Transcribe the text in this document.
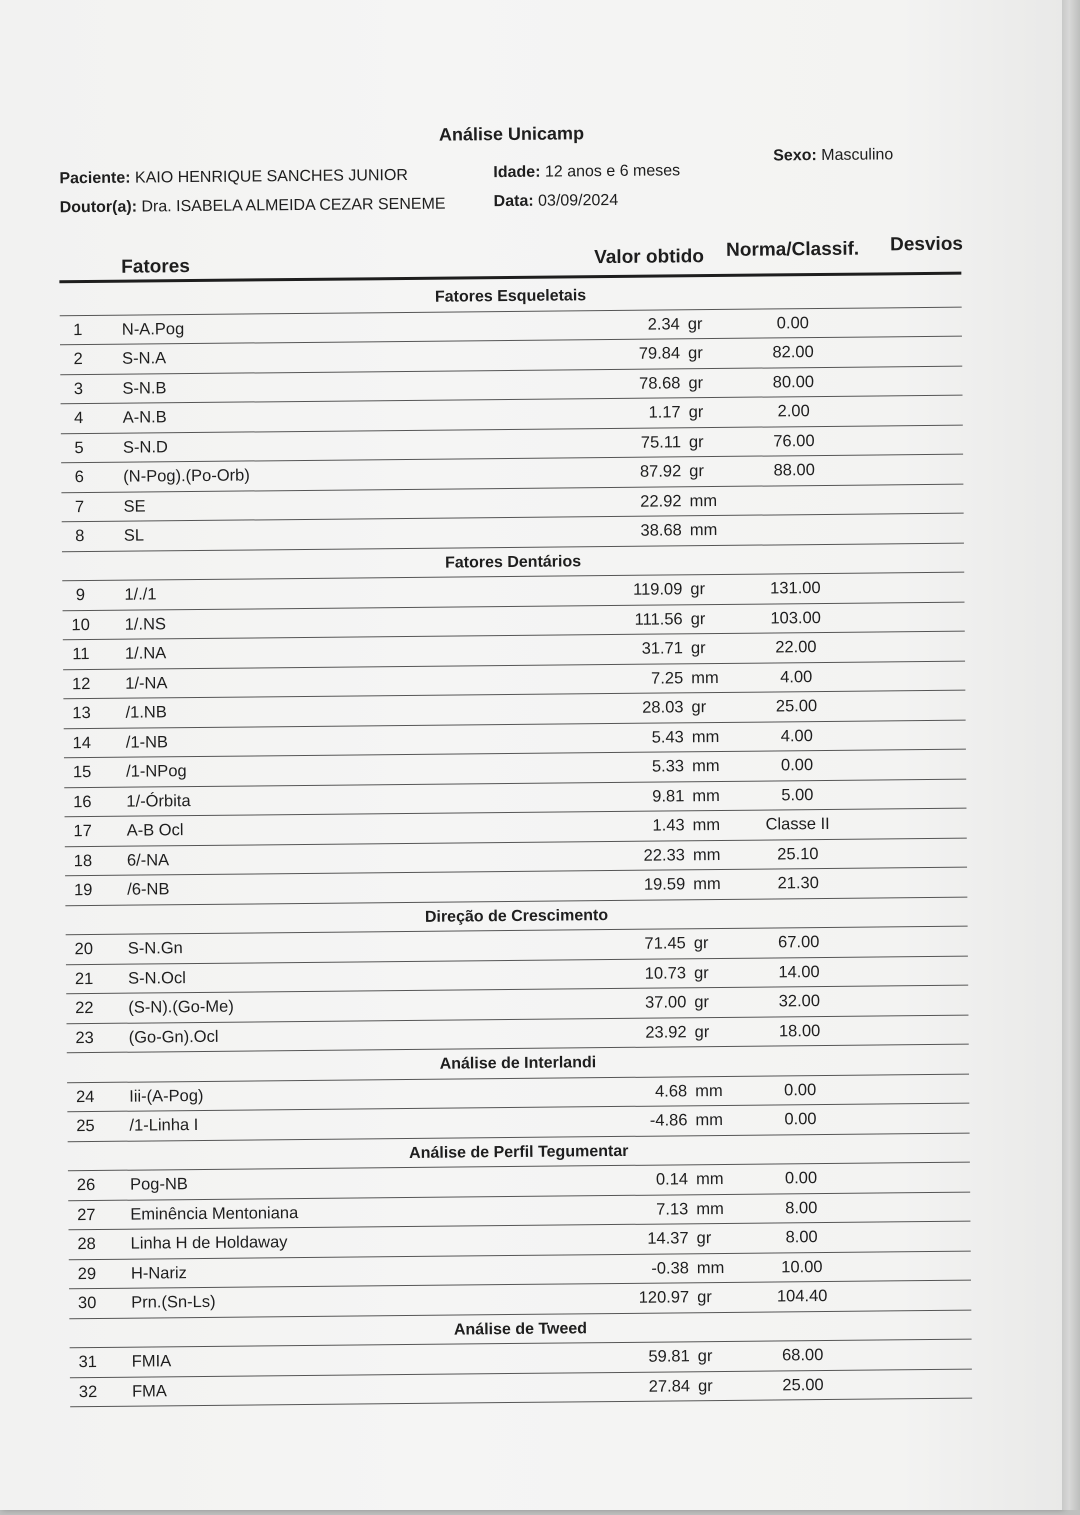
Análise Unicamp
Paciente: KAIO HENRIQUE SANCHES JUNIOR
Doutor(a): Dra. ISABELA ALMEIDA CEZAR SENEME
Idade: 12 anos e 6 meses
Data: 03/09/2024
Sexo: Masculino
Fatores	Valor obtido Norma/Classif. Desvios
Fatores Esqueletais
1	N-A.Pog	2.34 gr	0.00
2	S-N.A	79.84 gr	82.00
3	S-N.B	78.68 gr	80.00
4	A-N.B	1.17 gr	2.00
5	S-N.D	75.11 gr	76.00
6	(N-Pog).(Po-Orb)	87.92 gr	88.00
7	SE	22.92 mm
8	SL	38.68 mm
Fatores Dentários
9	1/./1	119.09 gr	131.00
10	1/.NS	111.56 gr	103.00
11	1/.NA	31.71 gr	22.00
12	1/-NA	7.25 mm	4.00
13	/1.NB	28.03 gr	25.00
14	/1-NB	5.43 mm	4.00
15	/1-NPog	5.33 mm	0.00
16	1/-Órbita	9.81 mm	5.00
17	A-B Ocl	1.43 mm	Classe II
18	6/-NA	22.33 mm	25.10
19	/6-NB	19.59 mm	21.30
Direção de Crescimento
20	S-N.Gn	71.45 gr	67.00
21	S-N.Ocl	10.73 gr	14.00
22	(S-N).(Go-Me)	37.00 gr	32.00
23	(Go-Gn).Ocl	23.92 gr	18.00
Análise de Interlandi
24	Iii-(A-Pog)	4.68 mm	0.00
25	/1-Linha I	-4.86 mm	0.00
Análise de Perfil Tegumentar
26	Pog-NB	0.14 mm	0.00
27	Eminência Mentoniana	7.13 mm	8.00
28	Linha H de Holdaway	14.37 gr	8.00
29	H-Nariz	-0.38 mm	10.00
30	Prn.(Sn-Ls)	120.97 gr	104.40
Análise de Tweed
31	FMIA	59.81 gr	68.00
32	FMA	27.84 gr	25.00
